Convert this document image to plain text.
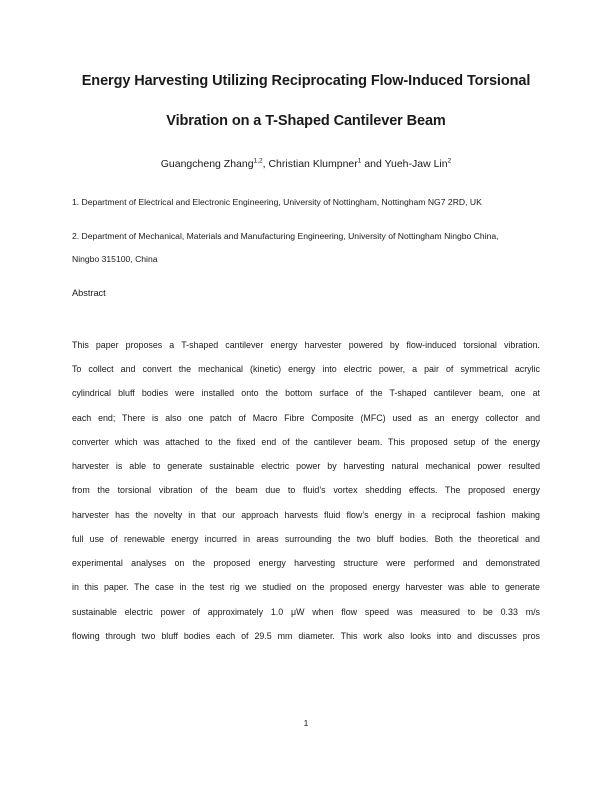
Energy Harvesting Utilizing Reciprocating Flow-Induced Torsional
Vibration on a T-Shaped Cantilever Beam
Guangcheng Zhang$^{1,2}$, Christian Klumpner$^1$ and Yueh-Jaw Lin$^2$
1. Department of Electrical and Electronic Engineering, University of Nottingham, Nottingham NG7 2RD, UK
2. Department of Mechanical, Materials and Manufacturing Engineering, University of Nottingham Ningbo China,
Ningbo 315100, China
Abstract
This paper proposes a T-shaped cantilever energy harvester powered by flow-induced torsional vibration.
To collect and convert the mechanical (kinetic) energy into electric power, a pair of symmetrical acrylic
cylindrical bluff bodies were installed onto the bottom surface of the T-shaped cantilever beam, one at
each end; There is also one patch of Macro Fibre Composite (MFC) used as an energy collector and
converter which was attached to the fixed end of the cantilever beam. This proposed setup of the energy
harvester is able to generate sustainable electric power by harvesting natural mechanical power resulted
from the torsional vibration of the beam due to fluid’s vortex shedding effects. The proposed energy
harvester has the novelty in that our approach harvests fluid flow’s energy in a reciprocal fashion making
full use of renewable energy incurred in areas surrounding the two bluff bodies. Both the theoretical and
experimental analyses on the proposed energy harvesting structure were performed and demonstrated
in this paper. The case in the test rig we studied on the proposed energy harvester was able to generate
sustainable electric power of approximately 1.0 μW when flow speed was measured to be 0.33 m/s
flowing through two bluff bodies each of 29.5 mm diameter. This work also looks into and discusses pros
1
